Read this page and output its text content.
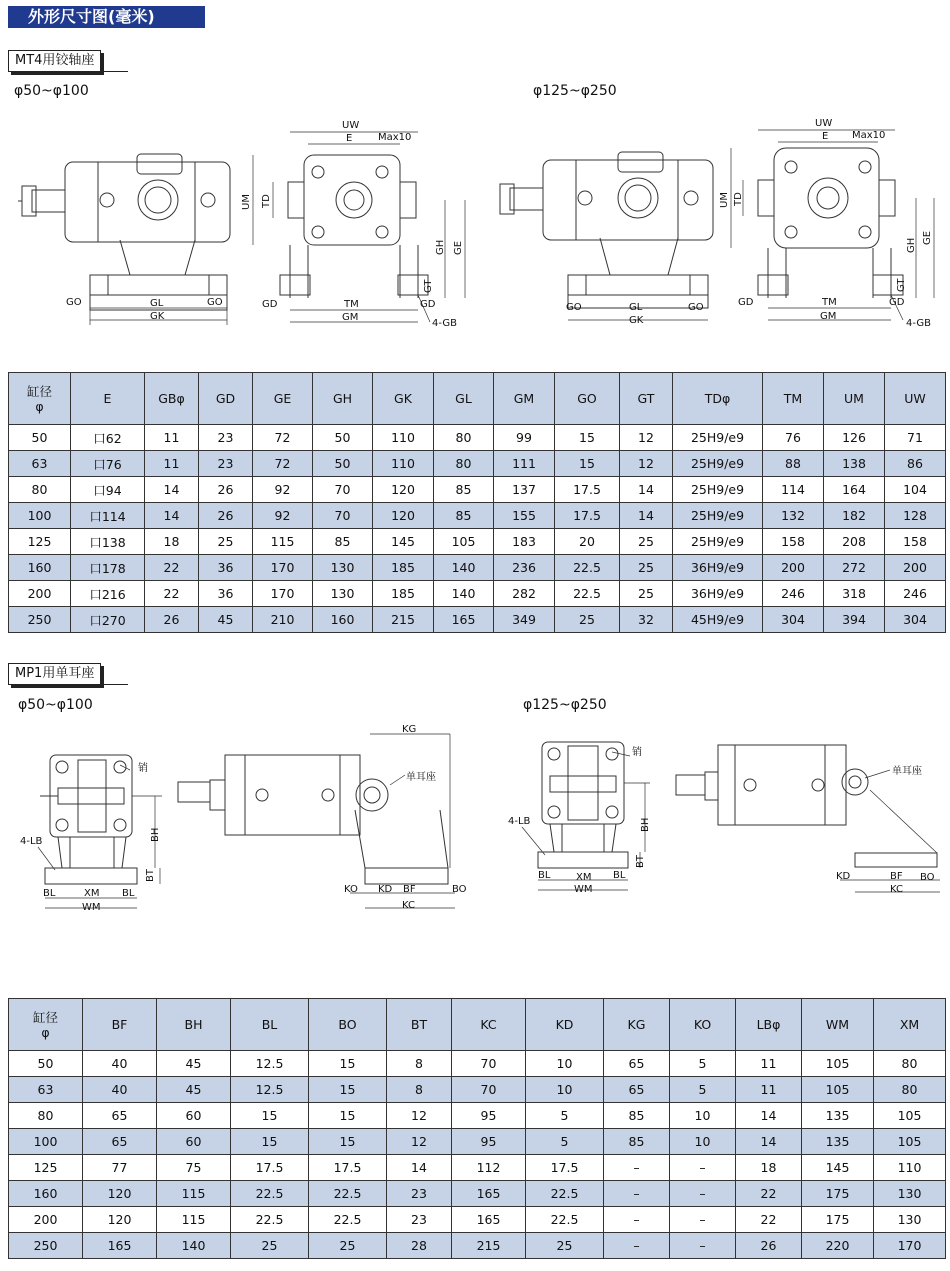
外形尺寸图(毫米)
MT4用铰轴座
φ50~φ100	φ125~φ250
GO	GL	GO
GK
UW
E	Max10
UM TD
GH GE
GT
GD	GD
TM
GM
4-GB
GO	GL	GO
GK
UW
E Max10
UM TD
GH GE
GT
GD	GD
TM
GM
4-GB
缸径
φ	E	GBφ	GD	GE	GH	GK	GL	GM	GO	GT	TDφ	TM	UM	UW
50	口62	11	23	72	50	110	80	99	15	12	25H9/e9	76	126	71
63	口76	11	23	72	50	110	80	111	15	12	25H9/e9	88	138	86
80	口94	14	26	92	70	120	85	137	17.5	14	25H9/e9	114	164	104
100	口114	14	26	92	70	120	85	155	17.5	14	25H9/e9	132	182	128
125	口138	18	25	115	85	145	105	183	20	25	25H9/e9	158	208	158
160	口178	22	36	170	130	185	140	236	22.5	25	36H9/e9	200	272	200
200	口216	22	36	170	130	185	140	282	22.5	25	36H9/e9	246	318	246
250	口270	26	45	210	160	215	165	349	25	32	45H9/e9	304	394	304
MP1用单耳座
φ50~φ100	φ125~φ250
销
4-LB	BH
BT
BL	XM BL
WM
KG
单耳座
KO KD BF	BO
KC
销
4-LB	BH
BT
BL	XM BL
WM
单耳座
KD	BF BO
KC
缸径
φ	BF	BH	BL	BO	BT	KC	KD	KG	KO	LBφ	WM	XM
50	40	45	12.5	15	8	70	10	65	5	11	105	80
63	40	45	12.5	15	8	70	10	65	5	11	105	80
80	65	60	15	15	12	95	5	85	10	14	135	105
100	65	60	15	15	12	95	5	85	10	14	135	105
125	77	75	17.5	17.5	14	112	17.5	–	–	18	145	110
160	120	115	22.5	22.5	23	165	22.5	–	–	22	175	130
200	120	115	22.5	22.5	23	165	22.5	–	–	22	175	130
250	165	140	25	25	28	215	25	–	–	26	220	170
